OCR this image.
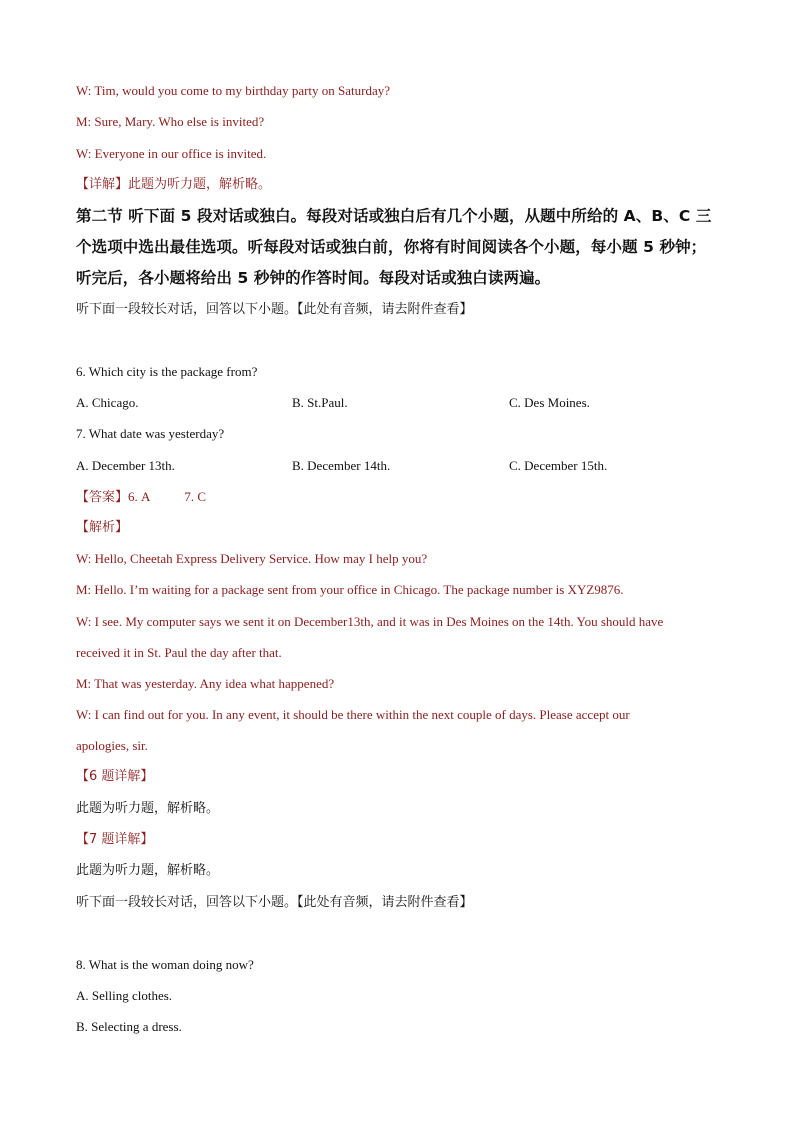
W: Tim, would you come to my birthday party on Saturday?
M: Sure, Mary. Who else is invited?
W: Everyone in our office is invited.
【详解】此题为听力题，解析略。
第二节 听下面 5 段对话或独白。每段对话或独白后有几个小题，从题中所给的 A、B、C 三
个选项中选出最佳选项。听每段对话或独白前，你将有时间阅读各个小题，每小题 5 秒钟；
听完后，各小题将给出 5 秒钟的作答时间。每段对话或独白读两遍。
听下面一段较长对话，回答以下小题。【此处有音频，请去附件查看】
6. Which city is the package from?
A. Chicago.	B. St.Paul.	C. Des Moines.
7. What date was yesterday?
A. December 13th.	B. December 14th.	C. December 15th.
【答案】6. A	7. C
【解析】
W: Hello, Cheetah Express Delivery Service. How may I help you?
M: Hello. I’m waiting for a package sent from your office in Chicago. The package number is XYZ9876.
W: I see. My computer says we sent it on December13th, and it was in Des Moines on the 14th. You should have
received it in St. Paul the day after that.
M: That was yesterday. Any idea what happened?
W: I can find out for you. In any event, it should be there within the next couple of days. Please accept our
apologies, sir.
【6 题详解】
此题为听力题，解析略。
【7 题详解】
此题为听力题，解析略。
听下面一段较长对话，回答以下小题。【此处有音频，请去附件查看】
8. What is the woman doing now?
A. Selling clothes.
B. Selecting a dress.
